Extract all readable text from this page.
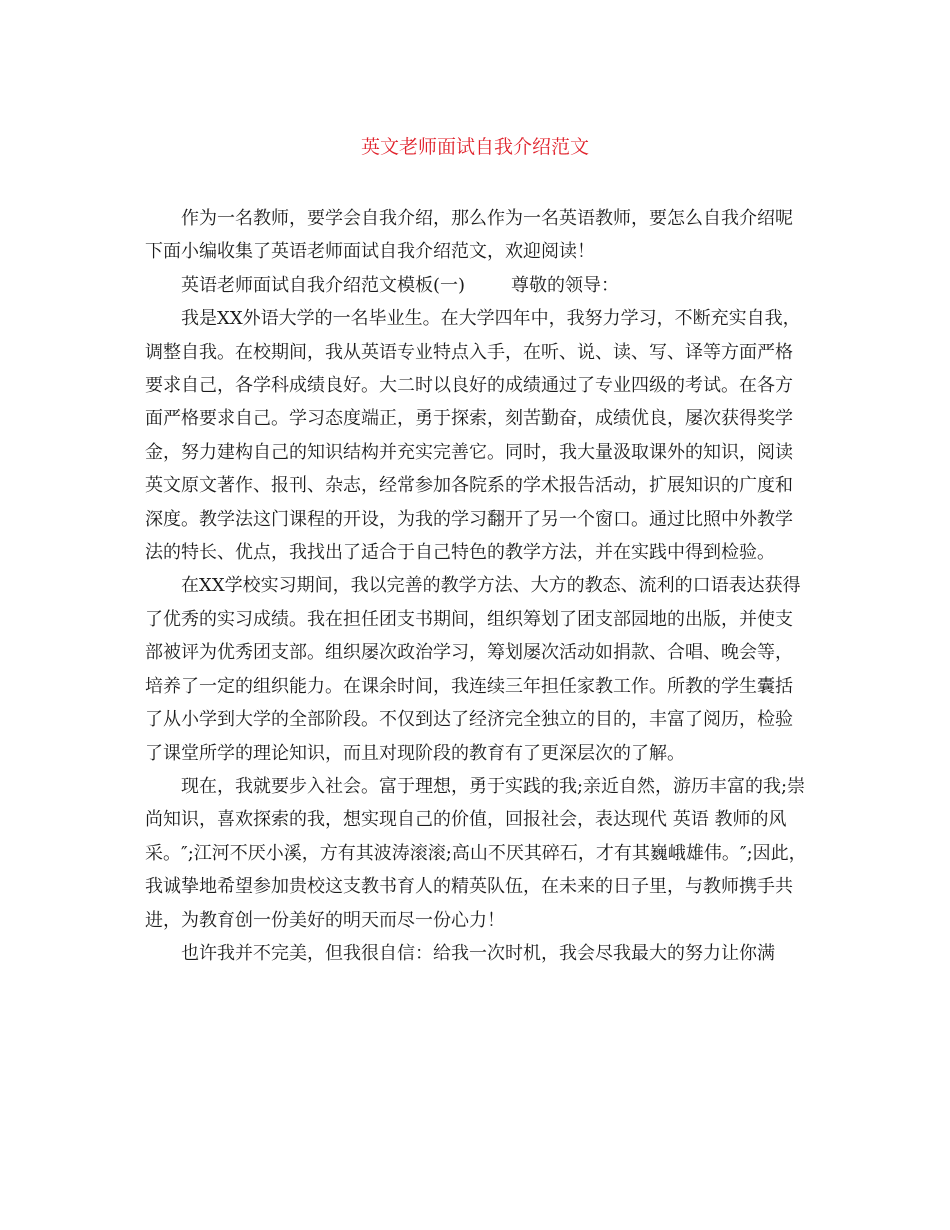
英文老师面试自我介绍范文

作为一名教师，要学会自我介绍，那么作为一名英语教师，要怎么自我介绍呢下面小编收集了英语老师面试自我介绍范文，欢迎阅读！

英语老师面试自我介绍范文模板(一)	尊敬的领导：

我是XX外语大学的一名毕业生。在大学四年中，我努力学习，不断充实自我，调整自我。在校期间，我从英语专业特点入手，在听、说、读、写、译等方面严格要求自己，各学科成绩良好。大二时以良好的成绩通过了专业四级的考试。在各方面严格要求自己。学习态度端正，勇于探索，刻苦勤奋，成绩优良，屡次获得奖学金，努力建构自己的知识结构并充实完善它。同时，我大量汲取课外的知识，阅读英文原文著作、报刊、杂志，经常参加各院系的学术报告活动，扩展知识的广度和深度。教学法这门课程的开设，为我的学习翻开了另一个窗口。通过比照中外教学法的特长、优点，我找出了适合于自己特色的教学方法，并在实践中得到检验。

在XX学校实习期间，我以完善的教学方法、大方的教态、流利的口语表达获得了优秀的实习成绩。我在担任团支书期间，组织筹划了团支部园地的出版，并使支部被评为优秀团支部。组织屡次政治学习，筹划屡次活动如捐款、合唱、晚会等，培养了一定的组织能力。在课余时间，我连续三年担任家教工作。所教的学生囊括了从小学到大学的全部阶段。不仅到达了经济完全独立的目的，丰富了阅历，检验了课堂所学的理论知识，而且对现阶段的教育有了更深层次的了解。

现在，我就要步入社会。富于理想，勇于实践的我;亲近自然，游历丰富的我;崇尚知识，喜欢探索的我，想实现自己的价值，回报社会，表达现代 英语 教师的风采。″;江河不厌小溪，方有其波涛滚滚;高山不厌其碎石，才有其巍峨雄伟。″;因此，我诚挚地希望参加贵校这支教书育人的精英队伍，在未来的日子里，与教师携手共进，为教育创一份美好的明天而尽一份心力！

也许我并不完美，但我很自信：给我一次时机，我会尽我最大的努力让你满
